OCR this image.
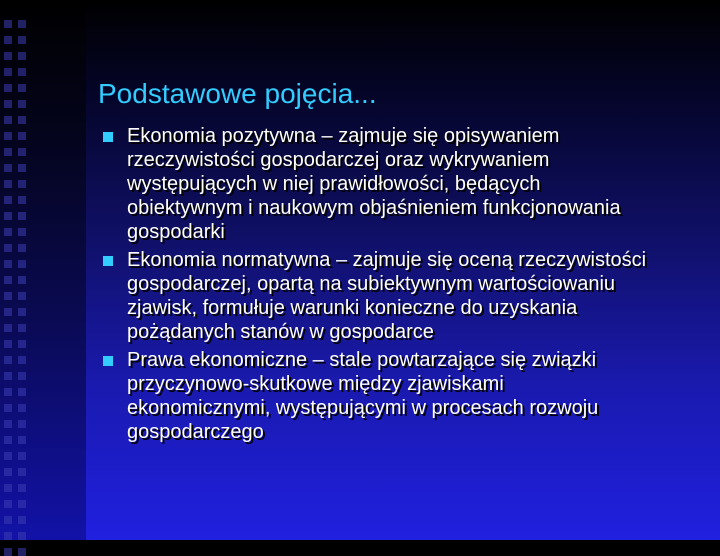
Podstawowe pojęcia...
Ekonomia pozytywna – zajmuje się opisywaniem
rzeczywistości gospodarczej oraz wykrywaniem
występujących w niej prawidłowości, będących
obiektywnym i naukowym objaśnieniem funkcjonowania
gospodarki
Ekonomia normatywna – zajmuje się oceną rzeczywistości
gospodarczej, opartą na subiektywnym wartościowaniu
zjawisk, formułuje warunki konieczne do uzyskania
pożądanych stanów w gospodarce
Prawa ekonomiczne – stale powtarzające się związki
przyczynowo-skutkowe między zjawiskami
ekonomicznymi, występującymi w procesach rozwoju
gospodarczego
